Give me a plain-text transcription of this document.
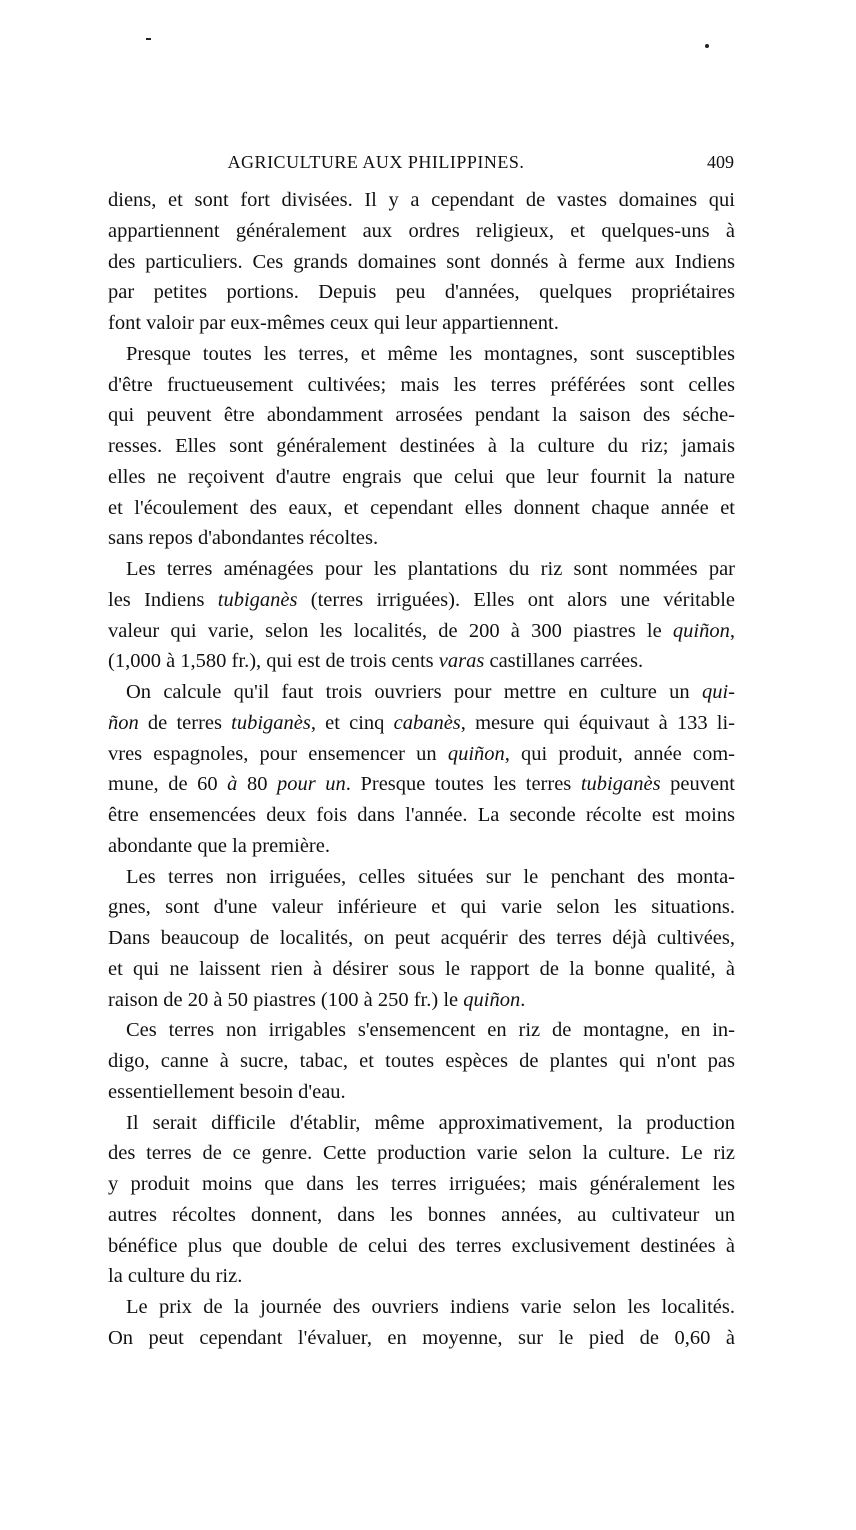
AGRICULTURE AUX PHILIPPINES.	409
diens, et sont fort divisées. Il y a cependant de vastes domaines qui
appartiennent généralement aux ordres religieux, et quelques-uns à
des particuliers. Ces grands domaines sont donnés à ferme aux Indiens
par petites portions. Depuis peu d'années, quelques propriétaires
font valoir par eux-mêmes ceux qui leur appartiennent.
Presque toutes les terres, et même les montagnes, sont susceptibles
d'être fructueusement cultivées; mais les terres préférées sont celles
qui peuvent être abondamment arrosées pendant la saison des séche-
resses. Elles sont généralement destinées à la culture du riz; jamais
elles ne reçoivent d'autre engrais que celui que leur fournit la nature
et l'écoulement des eaux, et cependant elles donnent chaque année et
sans repos d'abondantes récoltes.
Les terres aménagées pour les plantations du riz sont nommées par
les Indiens tubiganès (terres irriguées). Elles ont alors une véritable
valeur qui varie, selon les localités, de 200 à 300 piastres le quiñon,
(1,000 à 1,580 fr.), qui est de trois cents varas castillanes carrées.
On calcule qu'il faut trois ouvriers pour mettre en culture un qui-
ñon de terres tubiganès, et cinq cabanès, mesure qui équivaut à 133 li-
vres espagnoles, pour ensemencer un quiñon, qui produit, année com-
mune, de 60 à 80 pour un. Presque toutes les terres tubiganès peuvent
être ensemencées deux fois dans l'année. La seconde récolte est moins
abondante que la première.
Les terres non irriguées, celles situées sur le penchant des monta-
gnes, sont d'une valeur inférieure et qui varie selon les situations.
Dans beaucoup de localités, on peut acquérir des terres déjà cultivées,
et qui ne laissent rien à désirer sous le rapport de la bonne qualité, à
raison de 20 à 50 piastres (100 à 250 fr.) le quiñon.
Ces terres non irrigables s'ensemencent en riz de montagne, en in-
digo, canne à sucre, tabac, et toutes espèces de plantes qui n'ont pas
essentiellement besoin d'eau.
Il serait difficile d'établir, même approximativement, la production
des terres de ce genre. Cette production varie selon la culture. Le riz
y produit moins que dans les terres irriguées; mais généralement les
autres récoltes donnent, dans les bonnes années, au cultivateur un
bénéfice plus que double de celui des terres exclusivement destinées à
la culture du riz.
Le prix de la journée des ouvriers indiens varie selon les localités.
On peut cependant l'évaluer, en moyenne, sur le pied de 0,60 à
